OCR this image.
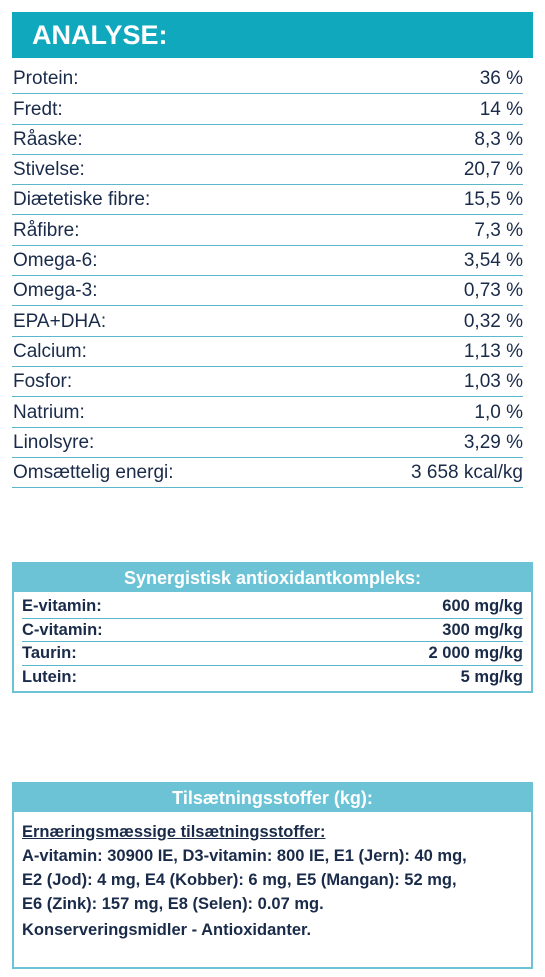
ANALYSE:
Protein:	36 %
Fredt:	14 %
Råaske:	8,3 %
Stivelse:	20,7 %
Diætetiske fibre:	15,5 %
Råfibre:	7,3 %
Omega-6:	3,54 %
Omega-3:	0,73 %
EPA+DHA:	0,32 %
Calcium:	1,13 %
Fosfor:	1,03 %
Natrium:	1,0 %
Linolsyre:	3,29 %
Omsættelig energi:	3 658 kcal/kg
Synergistisk antioxidantkompleks:
E-vitamin:	600 mg/kg
C-vitamin:	300 mg/kg
Taurin:	2 000 mg/kg
Lutein:	5 mg/kg
Tilsætningsstoffer (kg):
Ernæringsmæssige tilsætningsstoffer:
A-vitamin: 30900 IE, D3-vitamin: 800 IE, E1 (Jern): 40 mg,
E2 (Jod): 4 mg, E4 (Kobber): 6 mg, E5 (Mangan): 52 mg,
E6 (Zink): 157 mg, E8 (Selen): 0.07 mg.
Konserveringsmidler - Antioxidanter.
